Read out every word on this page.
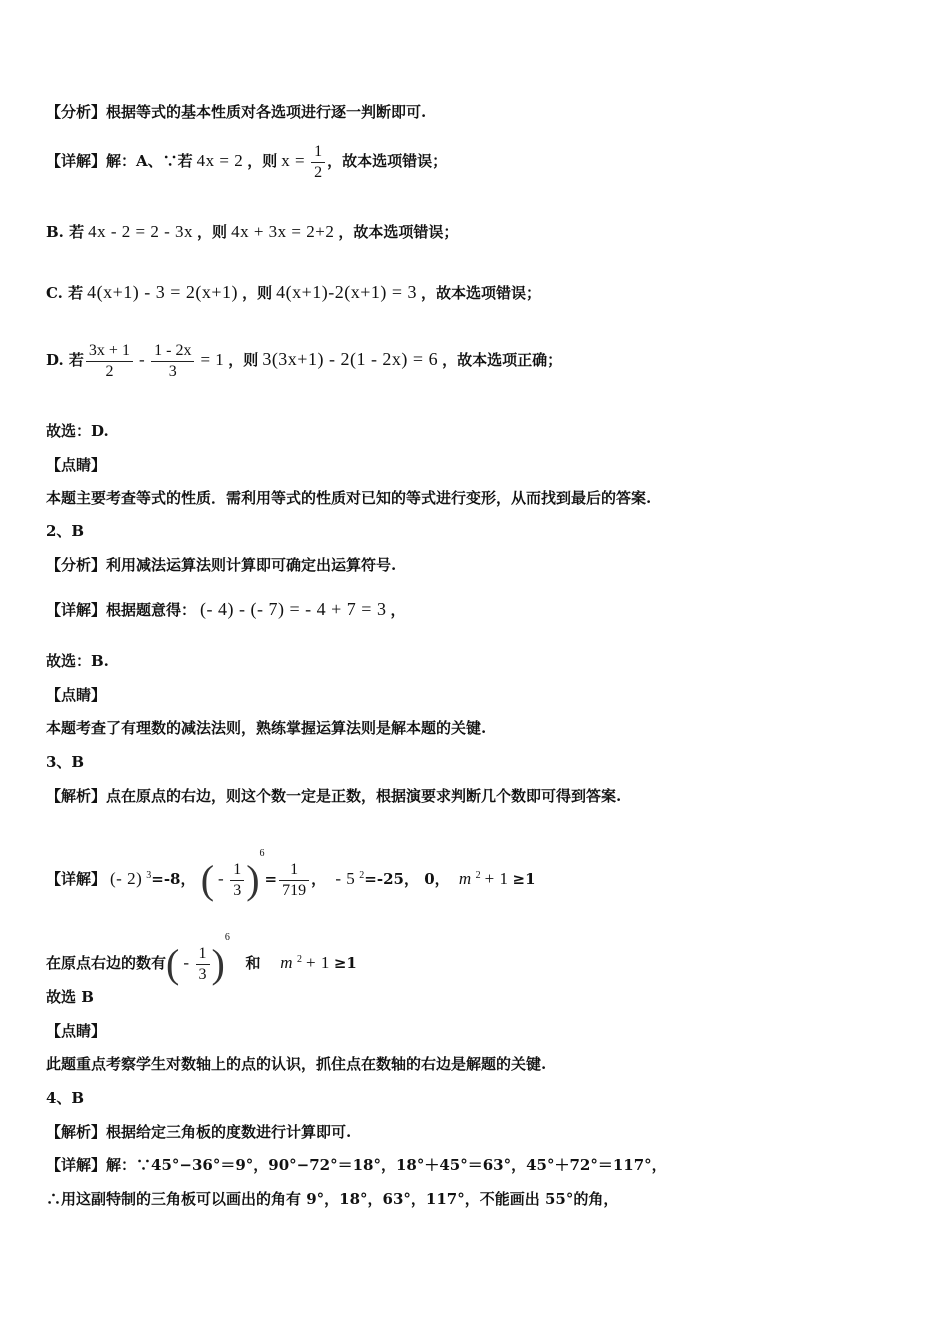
【分析】根据等式的基本性质对各选项进行逐一判断即可.
【详解】解：A、∵若 4x = 2 ，则 $x = \frac{1}{2}$ ，故本选项错误；
B. 若 4x - 2 = 2 - 3x ，则 4x + 3x = 2+2 ，故本选项错误；
C. 若 4(x+1) - 3 = 2(x+1) ，则 4(x+1)-2(x+1) = 3 ，故本选项错误；
D. 若 $\frac{3x + 1}{2} - \frac{1 - 2x}{3} = 1$ ，则 3(3x+1) - 2(1 - 2x) = 6 ，故本选项正确；
故选：D.
【点睛】
本题主要考查等式的性质．需利用等式的性质对已知的等式进行变形，从而找到最后的答案.
2、B
【分析】利用减法运算法则计算即可确定出运算符号.
【详解】根据题意得： (- 4) - (- 7) = - 4 + 7 = 3 ，
故选：B.
【点睛】
本题考查了有理数的减法法则，熟练掌握运算法则是解本题的关键.
3、B
【解析】点在原点的右边，则这个数一定是正数，根据演要求判断几个数即可得到答案.
【详解】 (- 2) $^3$=-8， ( - $\frac{1}{3} )^6= \frac{1}{719}$ ， - 5 $^2$=-25， 0， m $^2$ + 1 ≥1
在原点右边的数有( - $\frac{1}{3} )^6$   和 m $^2$ + 1 ≥1
故选 B
【点睛】
此题重点考察学生对数轴上的点的认识，抓住点在数轴的右边是解题的关键.
4、B
【解析】根据给定三角板的度数进行计算即可.
【详解】解：∵45°−36°＝9°，90°−72°＝18°，18°＋45°＝63°，45°＋72°＝117°，
∴用这副特制的三角板可以画出的角有 9°，18°，63°，117°，不能画出 55°的角，
